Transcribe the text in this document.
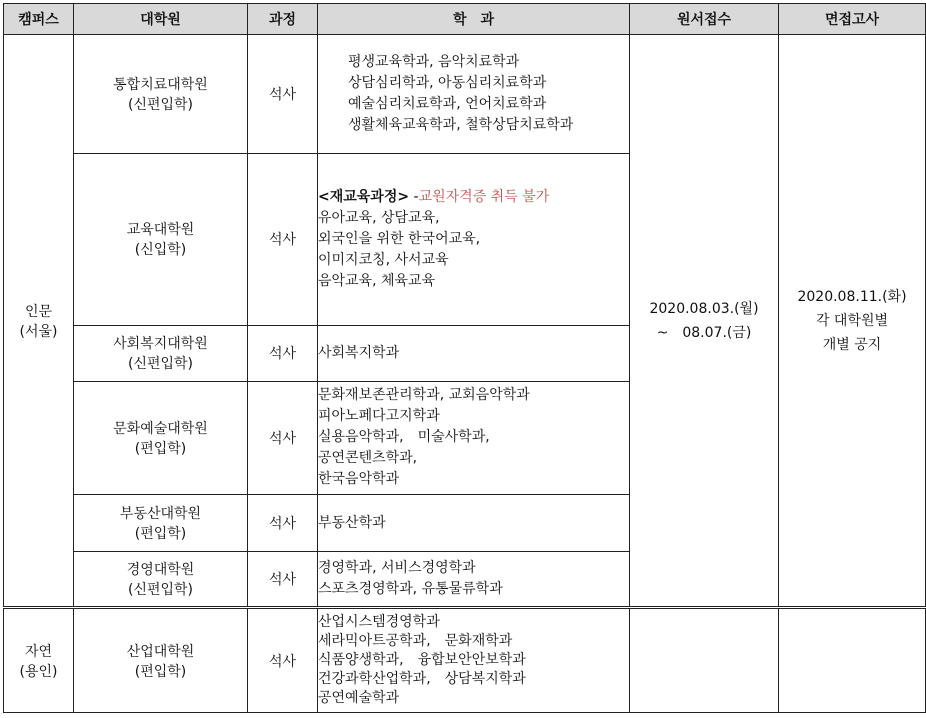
캠퍼스	대학원	과정	학　과	원서접수	면접고사

인문
(서울)	통합치료대학원
(신편입학)	석사	평생교육학과, 음악치료학과
상담심리학과, 아동심리치료학과
예술심리치료학과, 언어치료학과
생활체육교육학과, 철학상담치료학과	2020.08.03.(월)
~　08.07.(금)	2020.08.11.(화)
각 대학원별
개별 공지

	교육대학원
(신입학)	석사	<재교육과정> -교원자격증 취득 불가
유아교육, 상담교육,
외국인을 위한 한국어교육,
이미지코칭, 사서교육
음악교육, 체육교육		

	사회복지대학원
(신편입학)	석사	사회복지학과		

	문화예술대학원
(편입학)	석사	문화재보존관리학과, 교회음악학과
피아노페다고지학과
실용음악학과,　미술사학과,
공연콘텐츠학과,
한국음악학과		

	부동산대학원
(편입학)	석사	부동산학과		

	경영대학원
(신편입학)	석사	경영학과, 서비스경영학과
스포츠경영학과, 유통물류학과		

자연
(용인)	산업대학원
(편입학)	석사	산업시스템경영학과
세라믹아트공학과,　문화재학과
식품양생학과,　융합보안안보학과
건강과학산업학과,　상담복지학과
공연예술학과		
